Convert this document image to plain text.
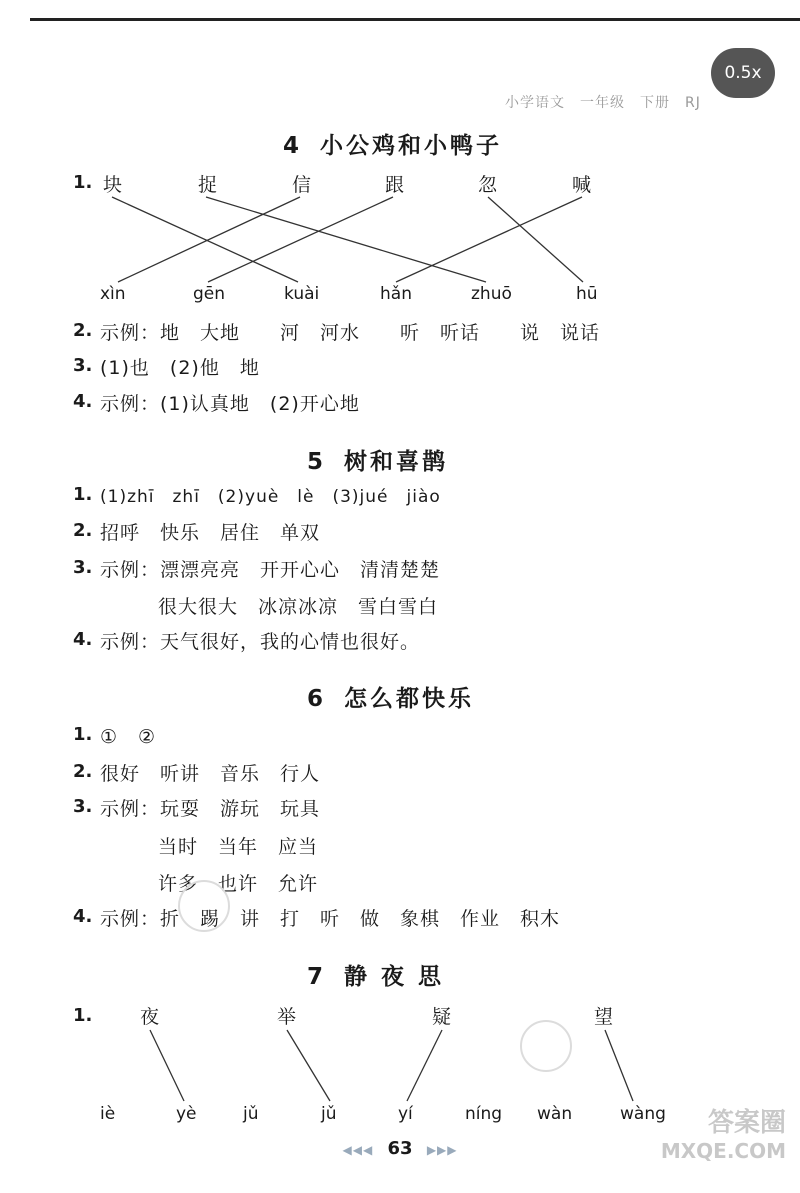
0.5x
小学语文　一年级　下册　RJ
4 小公鸡和小鸭子
1. 块	捉	信	跟	忽	喊
xìn	gēn	kuài	hǎn	zhuō	hū
2. 示例：地　大地　　河　河水　　听　听话　　说　说话
3. (1)也　(2)他　地
4. 示例：(1)认真地　(2)开心地
5 树和喜鹊
1. (1)zhī　zhī　(2)yuè　lè　(3)jué　jiào
2. 招呼　快乐　居住　单双
3. 示例：漂漂亮亮　开开心心　清清楚楚
很大很大　冰凉冰凉　雪白雪白
4. 示例：天气很好，我的心情也很好。
6 怎么都快乐
1. ①　②
2. 很好　听讲　音乐　行人
3. 示例：玩耍　游玩　玩具
当时　当年　应当
许多　也许　允许
4. 示例：折　踢　讲　打　听　做　象棋　作业　积木
7 静夜思
1.	夜	举	疑	望
iè	yè	jǔ	jǔ	yí	níng wàn	wàng
◀◀◀ 63 ▶▶▶
答案圈
MXQE.COM
